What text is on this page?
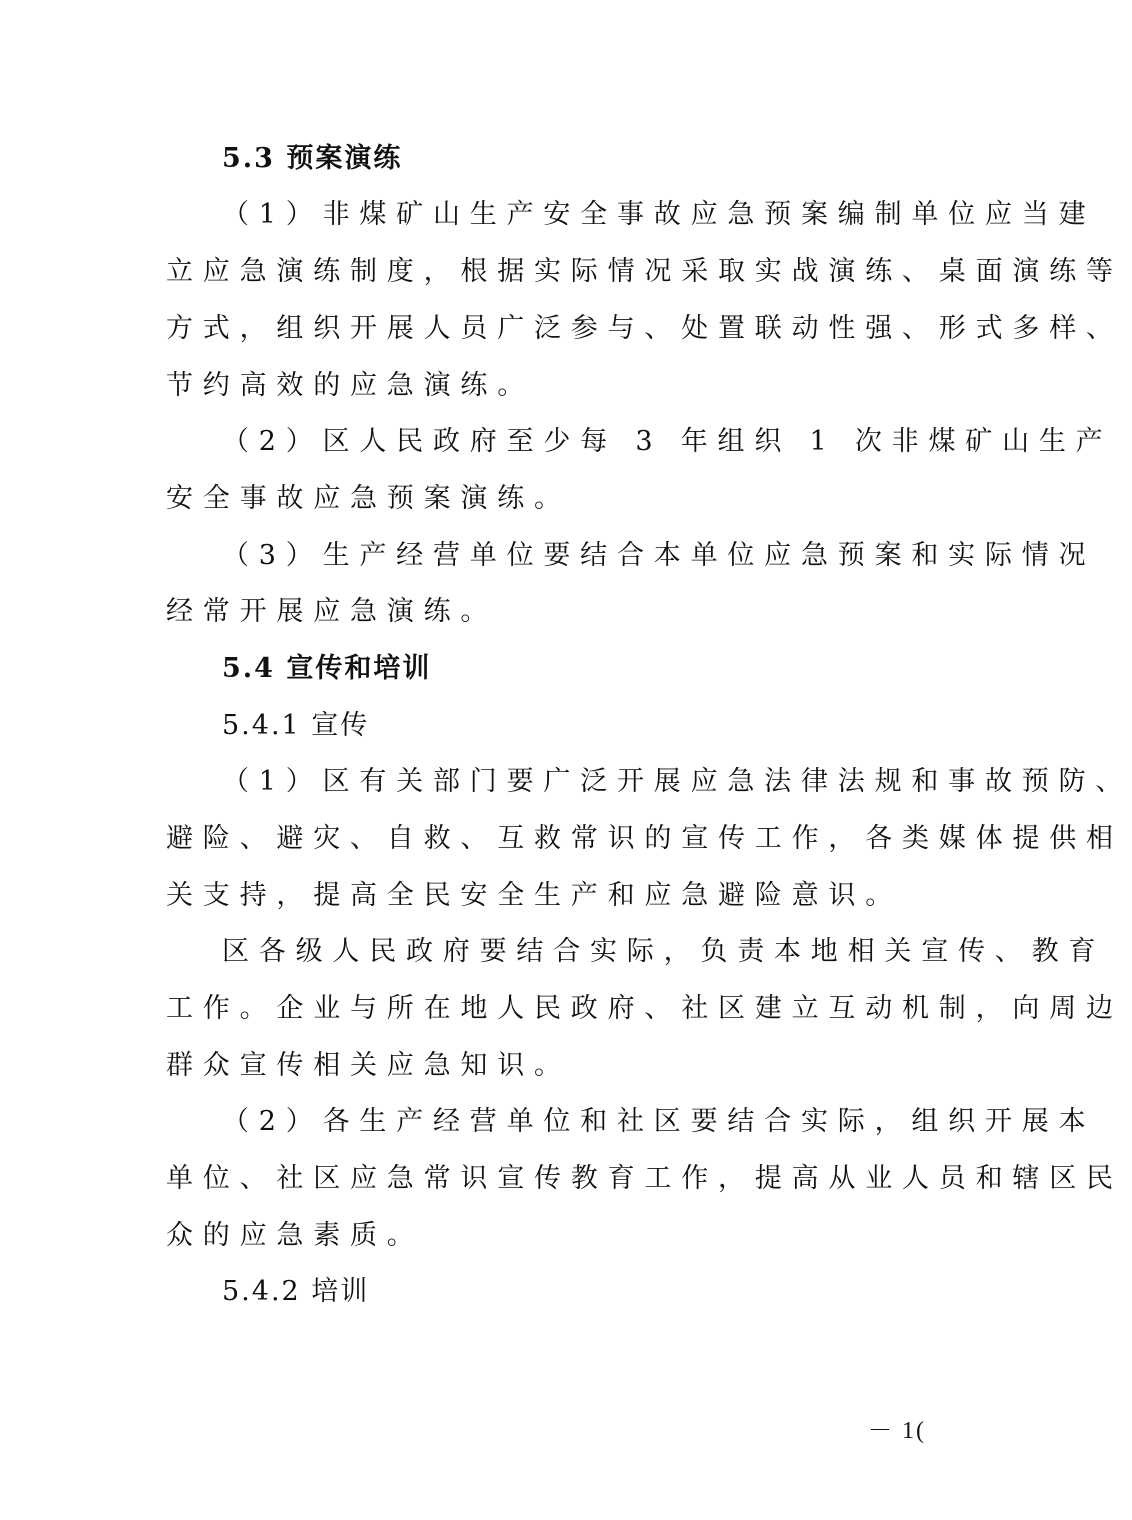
5.3 预案演练
（1）非煤矿山生产安全事故应急预案编制单位应当建
立应急演练制度，根据实际情况采取实战演练、桌面演练等
方式，组织开展人员广泛参与、处置联动性强、形式多样、
节约高效的应急演练。
（2）区人民政府至少每 3 年组织 1 次非煤矿山生产
安全事故应急预案演练。
（3）生产经营单位要结合本单位应急预案和实际情况
经常开展应急演练。
5.4 宣传和培训
5.4.1 宣传
（1）区有关部门要广泛开展应急法律法规和事故预防、
避险、避灾、自救、互救常识的宣传工作，各类媒体提供相
关支持，提高全民安全生产和应急避险意识。
区各级人民政府要结合实际，负责本地相关宣传、教育
工作。企业与所在地人民政府、社区建立互动机制，向周边
群众宣传相关应急知识。
（2）各生产经营单位和社区要结合实际，组织开展本
单位、社区应急常识宣传教育工作，提高从业人员和辖区民
众的应急素质。
5.4.2 培训
－ 1(
